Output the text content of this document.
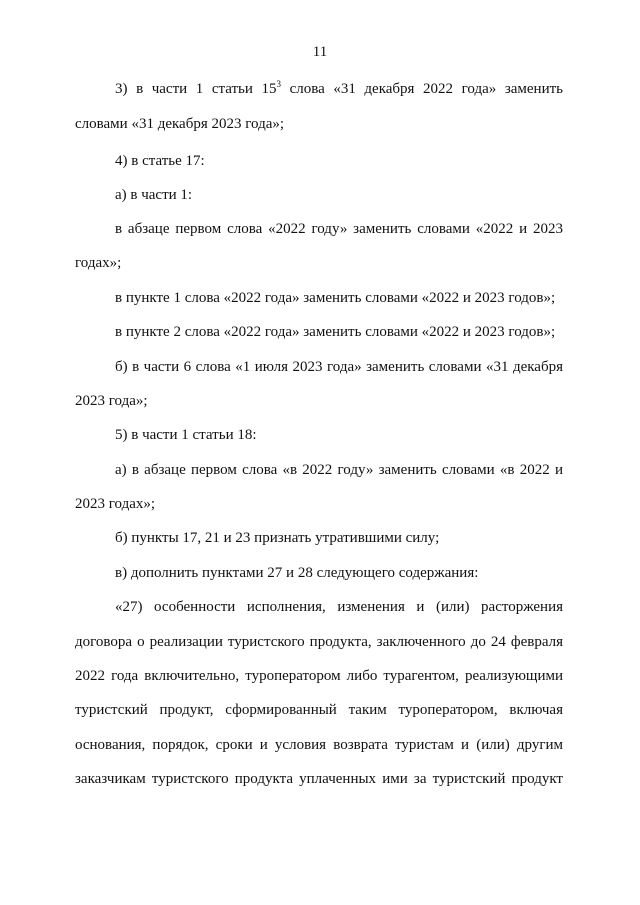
11
3) в части 1 статьи $15^3$ слова «31 декабря 2022 года» заменить
словами «31 декабря 2023 года»;
4) в статье 17:
а) в части 1:
в абзаце первом слова «2022 году» заменить словами «2022 и 2023
годах»;
в пункте 1 слова «2022 года» заменить словами «2022 и 2023 годов»;
в пункте 2 слова «2022 года» заменить словами «2022 и 2023 годов»;
б) в части 6 слова «1 июля 2023 года» заменить словами «31 декабря
2023 года»;
5) в части 1 статьи 18:
а) в абзаце первом слова «в 2022 году» заменить словами «в 2022 и
2023 годах»;
б) пункты 17, 21 и 23 признать утратившими силу;
в) дополнить пунктами 27 и 28 следующего содержания:
«27) особенности исполнения, изменения и (или) расторжения
договора о реализации туристского продукта, заключенного до 24 февраля
2022 года включительно, туроператором либо турагентом, реализующими
туристский продукт, сформированный таким туроператором, включая
основания, порядок, сроки и условия возврата туристам и (или) другим
заказчикам туристского продукта уплаченных ими за туристский продукт
